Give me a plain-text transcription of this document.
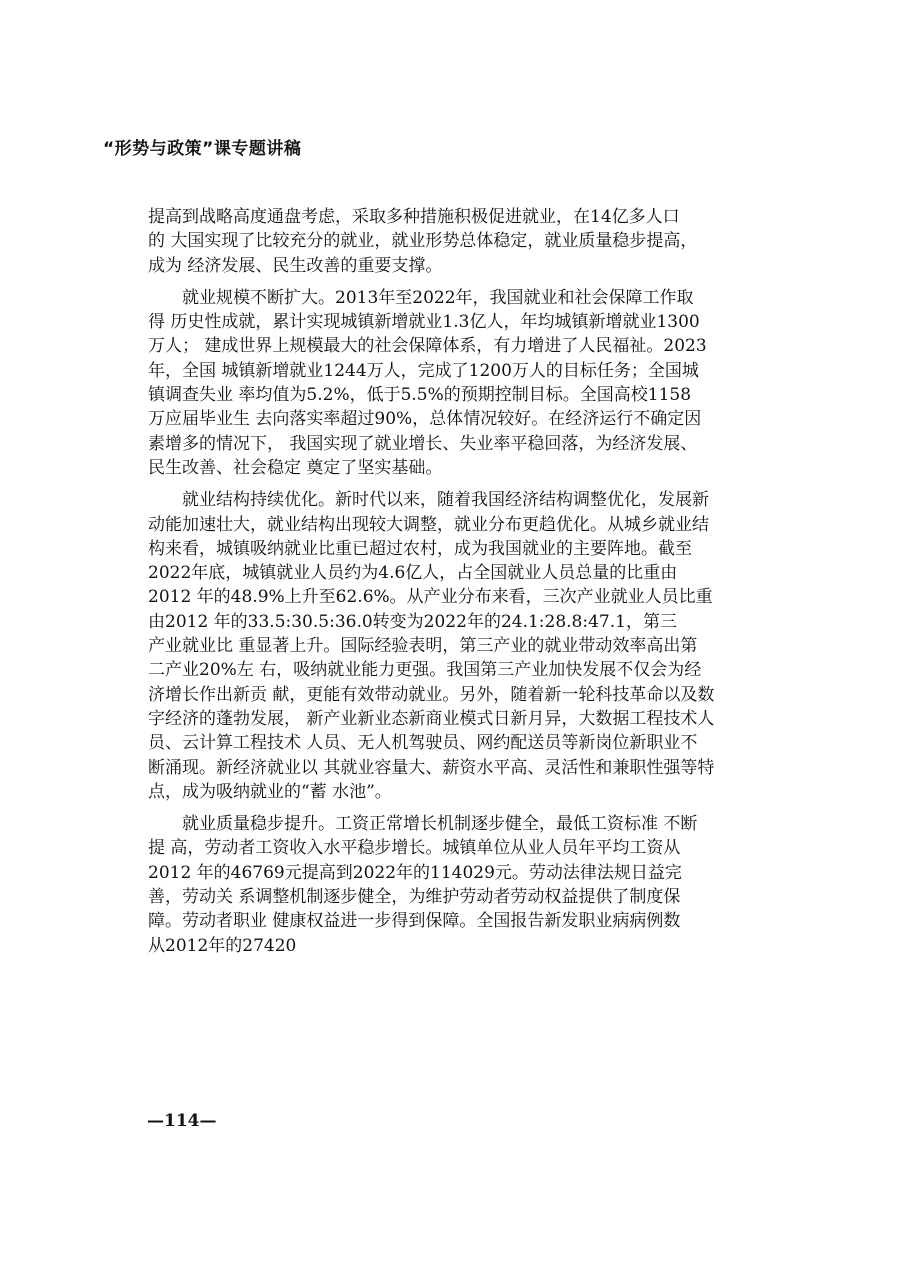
“形势与政策”课专题讲稿

提高到战略高度通盘考虑，采取多种措施积极促进就业，在14亿多人口
的 大国实现了比较充分的就业，就业形势总体稳定，就业质量稳步提高，
成为 经济发展、民生改善的重要支撑。

就业规模不断扩大。2013年至2022年，我国就业和社会保障工作取
得 历史性成就，累计实现城镇新增就业1.3亿人，年均城镇新增就业1300
万人； 建成世界上规模最大的社会保障体系，有力增进了人民福祉。2023
年，全国 城镇新增就业1244万人，完成了1200万人的目标任务；全国城
镇调查失业 率均值为5.2%，低于5.5%的预期控制目标。全国高校1158
万应届毕业生 去向落实率超过90%，总体情况较好。在经济运行不确定因
素增多的情况下， 我国实现了就业增长、失业率平稳回落，为经济发展、
民生改善、社会稳定 奠定了坚实基础。

就业结构持续优化。新时代以来，随着我国经济结构调整优化，发展新
动能加速壮大，就业结构出现较大调整，就业分布更趋优化。从城乡就业结
构来看，城镇吸纳就业比重已超过农村，成为我国就业的主要阵地。截至
2022年底，城镇就业人员约为4.6亿人，占全国就业人员总量的比重由
2012 年的48.9%上升至62.6%。从产业分布来看，三次产业就业人员比重
由2012 年的33.5:30.5:36.0转变为2022年的24.1:28.8:47.1，第三
产业就业比 重显著上升。国际经验表明，第三产业的就业带动效率高出第
二产业20%左 右，吸纳就业能力更强。我国第三产业加快发展不仅会为经
济增长作出新贡 献，更能有效带动就业。另外，随着新一轮科技革命以及数
字经济的蓬勃发展， 新产业新业态新商业模式日新月异，大数据工程技术人
员、云计算工程技术 人员、无人机驾驶员、网约配送员等新岗位新职业不
断涌现。新经济就业以 其就业容量大、薪资水平高、灵活性和兼职性强等特
点，成为吸纳就业的“蓄 水池”。

就业质量稳步提升。工资正常增长机制逐步健全，最低工资标准 不断
提 高，劳动者工资收入水平稳步增长。城镇单位从业人员年平均工资从
2012 年的46769元提高到2022年的114029元。劳动法律法规日益完
善，劳动关 系调整机制逐步健全，为维护劳动者劳动权益提供了制度保
障。劳动者职业 健康权益进一步得到保障。全国报告新发职业病病例数
从2012年的27420

—114—
